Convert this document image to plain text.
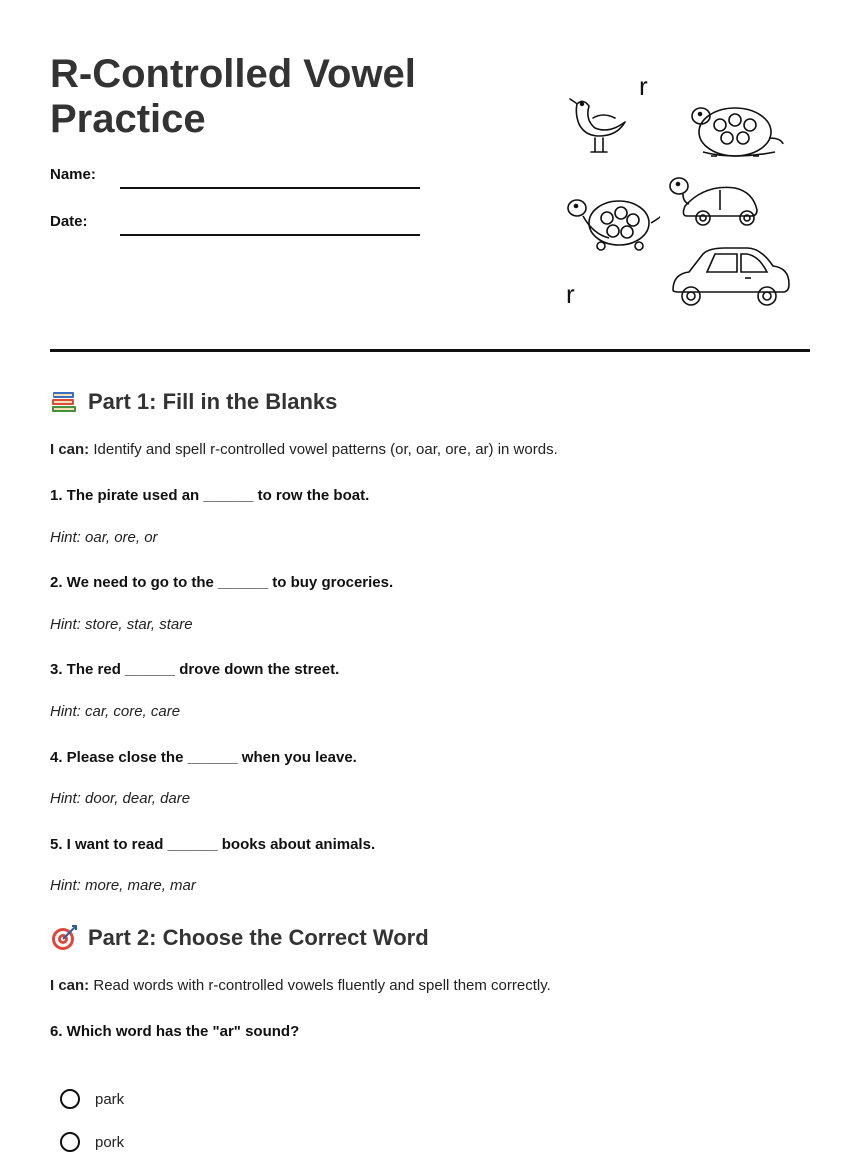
R-Controlled Vowel Practice
Name:
Date:
r
r
Part 1: Fill in the Blanks
I can: Identify and spell r-controlled vowel patterns (or, oar, ore, ar) in words.
1. The pirate used an ______ to row the boat.
Hint: oar, ore, or
2. We need to go to the ______ to buy groceries.
Hint: store, star, stare
3. The red ______ drove down the street.
Hint: car, core, care
4. Please close the ______ when you leave.
Hint: door, dear, dare
5. I want to read ______ books about animals.
Hint: more, mare, mar
Part 2: Choose the Correct Word
I can: Read words with r-controlled vowels fluently and spell them correctly.
6. Which word has the "ar" sound?
park
pork
